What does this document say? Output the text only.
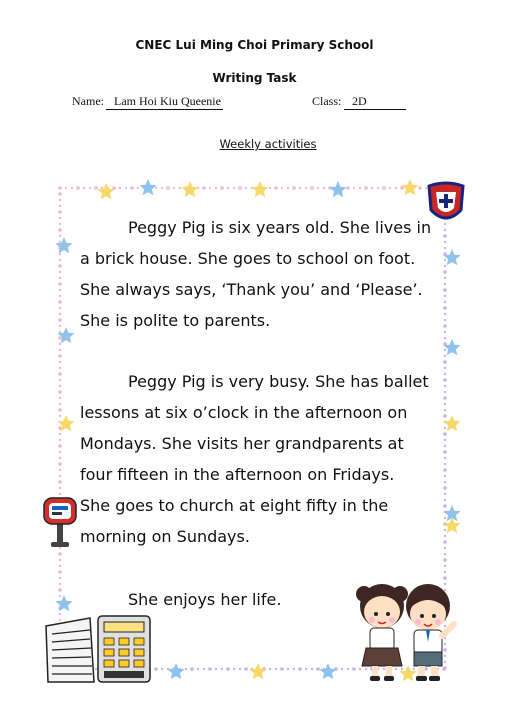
CNEC Lui Ming Choi Primary School
Writing Task
Name: Lam Hoi Kiu Queenie	Class: 2D
Weekly activities

Peggy Pig is six years old. She lives in
a brick house. She goes to school on foot.
She always says, ‘Thank you’ and ‘Please’.
She is polite to parents.

Peggy Pig is very busy. She has ballet
lessons at six o’clock in the afternoon on
Mondays. She visits her grandparents at
four fifteen in the afternoon on Fridays.
She goes to church at eight fifty in the
morning on Sundays.

She enjoys her life.
